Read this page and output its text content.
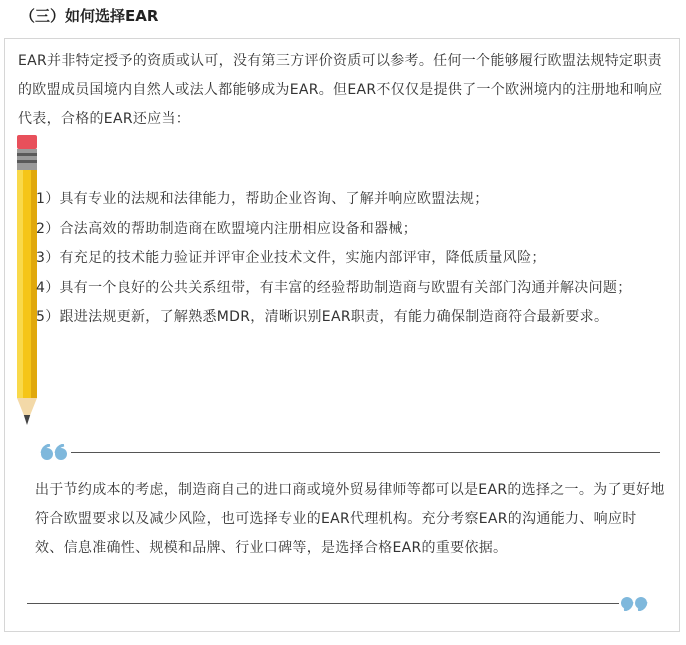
（三）如何选择EAR

EAR并非特定授予的资质或认可，没有第三方评价资质可以参考。任何一个能够履行欧盟法规特定职责的欧盟成员国境内自然人或法人都能够成为EAR。但EAR不仅仅是提供了一个欧洲境内的注册地和响应代表，合格的EAR还应当：

1）具有专业的法规和法律能力，帮助企业咨询、了解并响应欧盟法规；
2）合法高效的帮助制造商在欧盟境内注册相应设备和器械；
3）有充足的技术能力验证并评审企业技术文件，实施内部评审，降低质量风险；
4）具有一个良好的公共关系纽带，有丰富的经验帮助制造商与欧盟有关部门沟通并解决问题；
5）跟进法规更新，了解熟悉MDR，清晰识别EAR职责，有能力确保制造商符合最新要求。

出于节约成本的考虑，制造商自己的进口商或境外贸易律师等都可以是EAR的选择之一。为了更好地符合欧盟要求以及减少风险，也可选择专业的EAR代理机构。充分考察EAR的沟通能力、响应时效、信息准确性、规模和品牌、行业口碑等，是选择合格EAR的重要依据。
